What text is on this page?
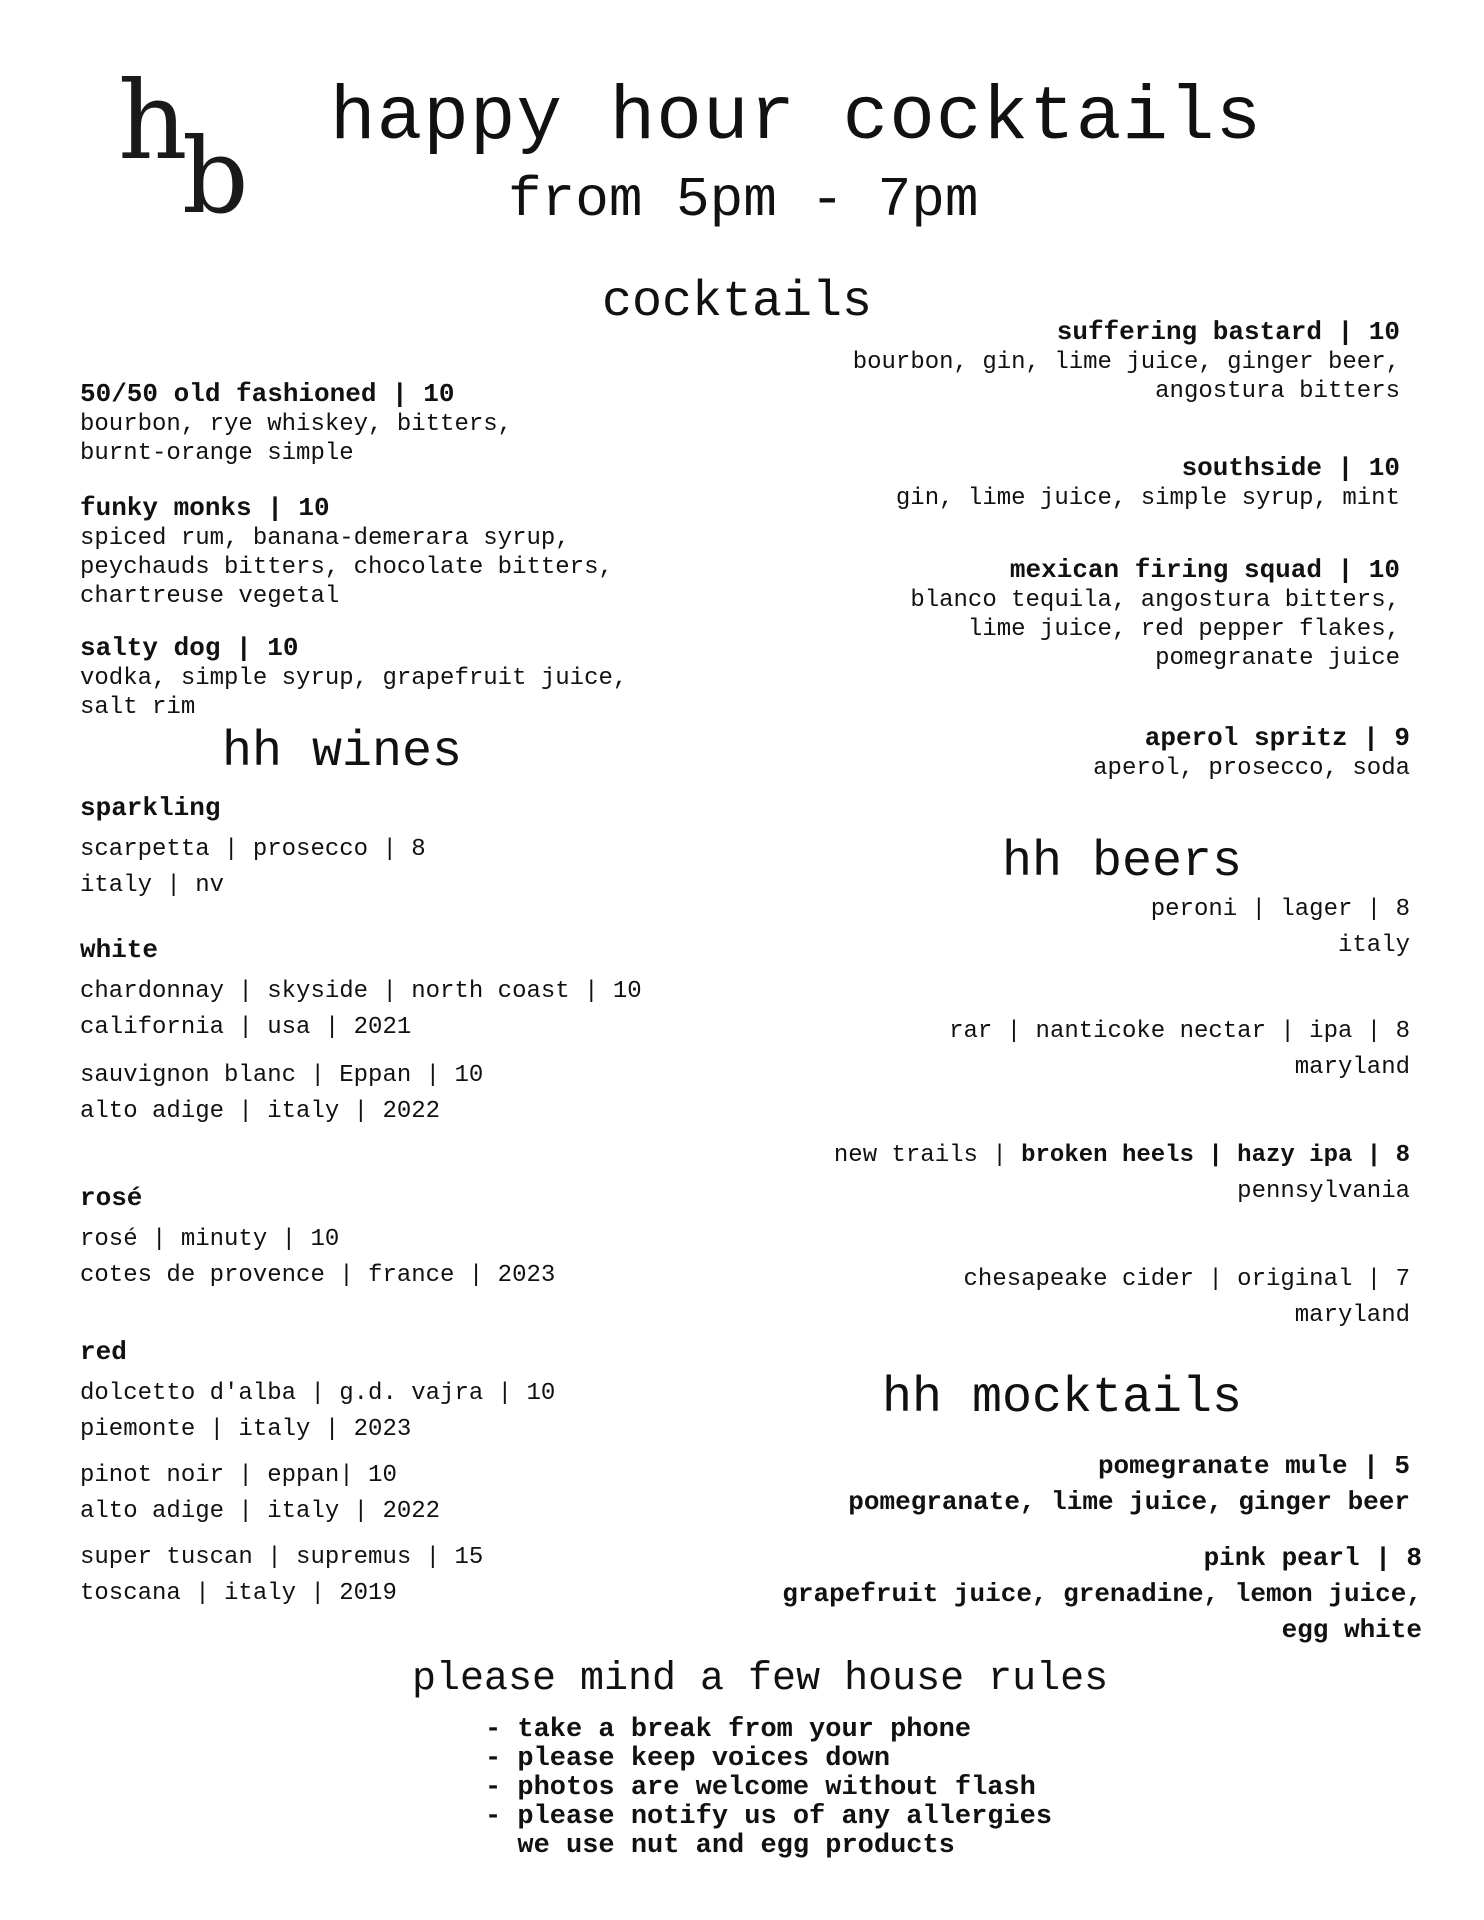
h
b happy hour cocktails
from 5pm - 7pm
cocktails
50/50 old fashioned | 10
bourbon, rye whiskey, bitters,
burnt-orange simple
funky monks | 10
spiced rum, banana-demerara syrup,
peychauds bitters, chocolate bitters,
chartreuse vegetal
salty dog | 10
vodka, simple syrup, grapefruit juice,
salt rim
suffering bastard | 10
bourbon, gin, lime juice, ginger beer,
angostura bitters
southside | 10
gin, lime juice, simple syrup, mint
mexican firing squad | 10
blanco tequila, angostura bitters,
lime juice, red pepper flakes,
pomegranate juice
aperol spritz | 9
aperol, prosecco, soda
hh wines
sparkling
scarpetta | prosecco | 8
italy | nv
white
chardonnay | skyside | north coast | 10
california | usa | 2021
sauvignon blanc | Eppan | 10
alto adige | italy | 2022
rosé
rosé | minuty | 10
cotes de provence | france | 2023
red
dolcetto d'alba | g.d. vajra | 10
piemonte | italy | 2023
pinot noir | eppan| 10
alto adige | italy | 2022
super tuscan | supremus | 15
toscana | italy | 2019
hh beers
peroni | lager | 8
italy
rar | nanticoke nectar | ipa | 8
maryland
new trails | broken heels | hazy ipa | 8
pennsylvania
chesapeake cider | original | 7
maryland
hh mocktails
pomegranate mule | 5
pomegranate, lime juice, ginger beer
pink pearl | 8
grapefruit juice, grenadine, lemon juice,
egg white
please mind a few house rules
- take a break from your phone
- please keep voices down
- photos are welcome without flash
- please notify us of any allergies
we use nut and egg products
